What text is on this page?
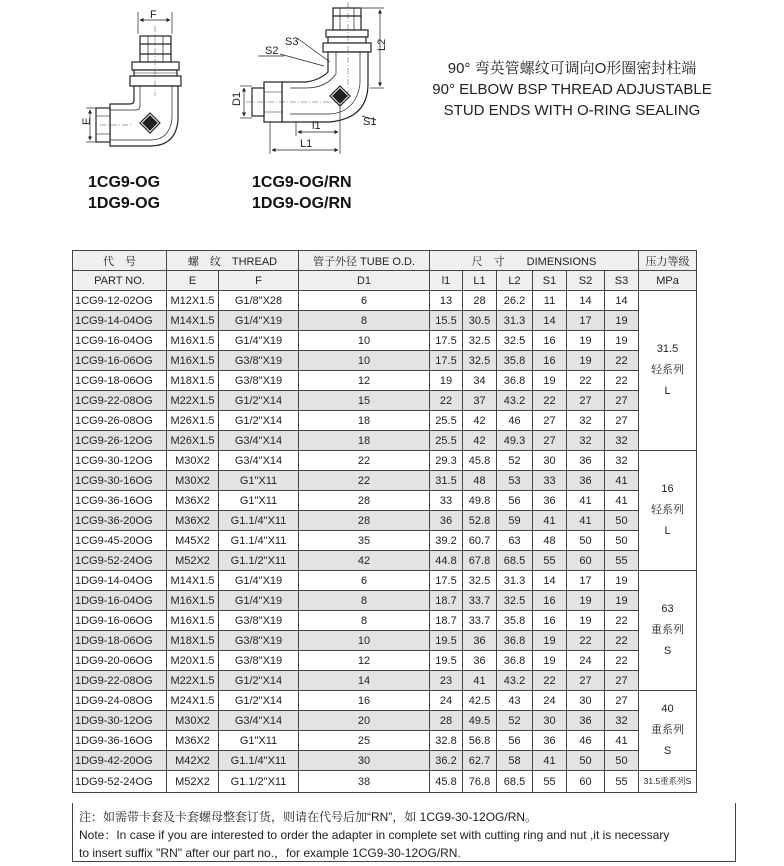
F
E
S3
S2	L2
D1
S1
l1
L1
1CG9-OG
1DG9-OG
1CG9-OG/RN
1DG9-OG/RN
90° 弯英管螺纹可调向O形圈密封柱端
90° ELBOW BSP THREAD ADJUSTABLE
STUD ENDS WITH O-RING SEALING
代　号	螺　纹　THREAD		管子外径 TUBE O.D.	尺　寸　　DIMENSIONS						压力等级
PART NO.	E	F	D1	l1	L1	L2	S1	S2	S3	MPa
1CG9-12-02OG	M12X1.5	G1/8"X28	6	13	28	26.2	11	14	14	31.5
轻系列
L

1CG9-14-04OG	M14X1.5	G1/4"X19	8	15.5	30.5	31.3	14	17	19	
1CG9-16-04OG	M16X1.5	G1/4"X19	10	17.5	32.5	32.5	16	19	19	
1CG9-16-06OG	M16X1.5	G3/8"X19	10	17.5	32.5	35.8	16	19	22	
1CG9-18-06OG	M18X1.5	G3/8"X19	12	19	34	36.8	19	22	22	
1CG9-22-08OG	M22X1.5	G1/2"X14	15	22	37	43.2	22	27	27	
1CG9-26-08OG	M26X1.5	G1/2"X14	18	25.5	42	46	27	32	27	
1CG9-26-12OG	M26X1.5	G3/4"X14	18	25.5	42	49.3	27	32	32	
1CG9-30-12OG	M30X2	G3/4"X14	22	29.3	45.8	52	30	36	32	16
轻系列
L

1CG9-30-16OG	M30X2	G1"X11	22	31.5	48	53	33	36	41	
1CG9-36-16OG	M36X2	G1"X11	28	33	49.8	56	36	41	41	
1CG9-36-20OG	M36X2	G1.1/4"X11	28	36	52.8	59	41	41	50	
1CG9-45-20OG	M45X2	G1.1/4"X11	35	39.2	60.7	63	48	50	50	
1CG9-52-24OG	M52X2	G1.1/2"X11	42	44.8	67.8	68.5	55	60	55	
1DG9-14-04OG	M14X1.5	G1/4"X19	6	17.5	32.5	31.3	14	17	19	63
重系列
S

1DG9-16-04OG	M16X1.5	G1/4"X19	8	18.7	33.7	32.5	16	19	19	
1DG9-16-06OG	M16X1.5	G3/8"X19	8	18.7	33.7	35.8	16	19	22	
1DG9-18-06OG	M18X1.5	G3/8"X19	10	19.5	36	36.8	19	22	22	
1DG9-20-06OG	M20X1.5	G3/8"X19	12	19.5	36	36.8	19	24	22	
1DG9-22-08OG	M22X1.5	G1/2"X14	14	23	41	43.2	22	27	27	
1DG9-24-08OG	M24X1.5	G1/2"X14	16	24	42.5	43	24	30	27	40
重系列
S

1DG9-30-12OG	M30X2	G3/4"X14	20	28	49.5	52	30	36	32	
1DG9-36-16OG	M36X2	G1"X11	25	32.8	56.8	56	36	46	41	
1DG9-42-20OG	M42X2	G1.1/4"X11	30	36.2	62.7	58	41	50	50	
1DG9-52-24OG	M52X2	G1.1/2"X11	38	45.8	76.8	68.5	55	60	55	31.5重系列S
注：如需带卡套及卡套螺母整套订货，则请在代号后加“RN”，如 1CG9-30-12OG/RN。
Note：In case if you are interested to order the adapter in complete set with cutting ring and nut ,it is necessary
to insert suffix "RN" after our part no.，for example 1CG9-30-12OG/RN.
